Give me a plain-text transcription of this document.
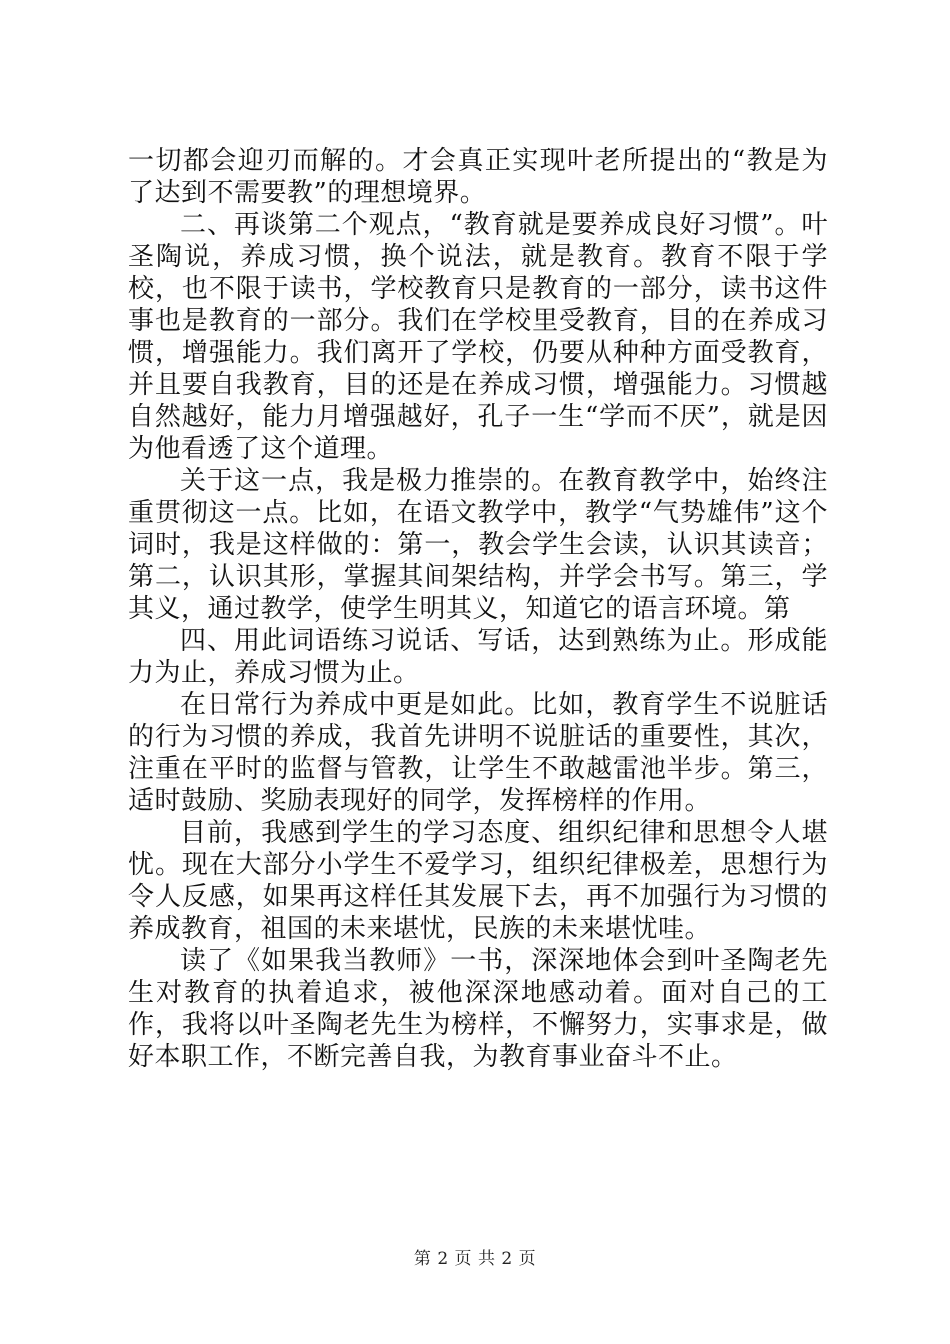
一切都会迎刃而解的。才会真正实现叶老所提出的“教是为了达到不需要教”的理想境界。

二、再谈第二个观点，“教育就是要养成良好习惯”。叶圣陶说，养成习惯，换个说法，就是教育。教育不限于学校，也不限于读书，学校教育只是教育的一部分，读书这件事也是教育的一部分。我们在学校里受教育，目的在养成习惯，增强能力。我们离开了学校，仍要从种种方面受教育，并且要自我教育，目的还是在养成习惯，增强能力。习惯越自然越好，能力月增强越好，孔子一生“学而不厌”，就是因为他看透了这个道理。

关于这一点，我是极力推崇的。在教育教学中，始终注重贯彻这一点。比如，在语文教学中，教学“气势雄伟”这个词时，我是这样做的：第一，教会学生会读，认识其读音；第二，认识其形，掌握其间架结构，并学会书写。第三，学其义，通过教学，使学生明其义，知道它的语言环境。第

四、用此词语练习说话、写话，达到熟练为止。形成能力为止，养成习惯为止。

在日常行为养成中更是如此。比如，教育学生不说脏话的行为习惯的养成，我首先讲明不说脏话的重要性，其次，注重在平时的监督与管教，让学生不敢越雷池半步。第三，适时鼓励、奖励表现好的同学，发挥榜样的作用。

目前，我感到学生的学习态度、组织纪律和思想令人堪忧。现在大部分小学生不爱学习，组织纪律极差，思想行为令人反感，如果再这样任其发展下去，再不加强行为习惯的养成教育，祖国的未来堪忧，民族的未来堪忧哇。

读了《如果我当教师》一书，深深地体会到叶圣陶老先生对教育的执着追求，被他深深地感动着。面对自己的工作，我将以叶圣陶老先生为榜样，不懈努力，实事求是，做好本职工作，不断完善自我，为教育事业奋斗不止。

第 2 页 共 2 页
